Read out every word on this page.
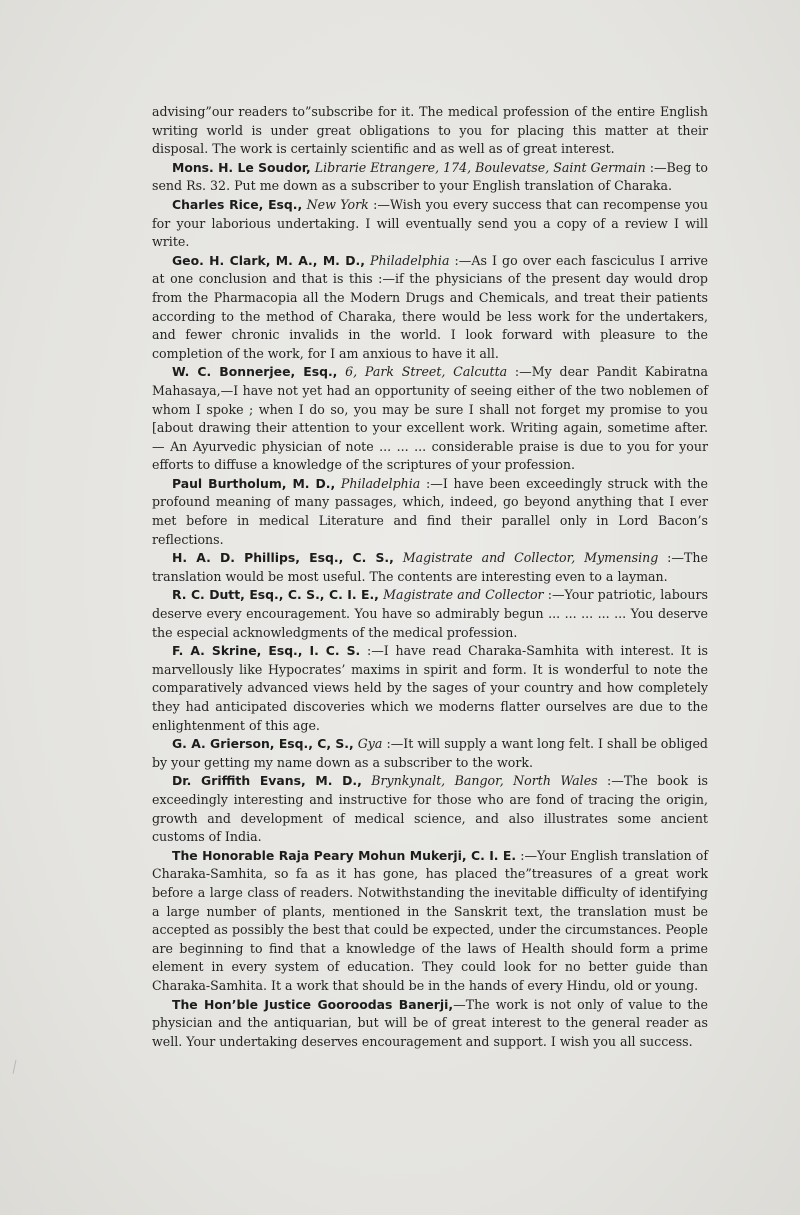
advising”our readers to”subscribe for it. The medical profession of the entire English writing world is under great obligations to you for placing this matter at their disposal. The work is certainly scientific and as well as of great interest.

Mons. H. Le Soudor, Librarie Etrangere, 174, Boulevatse, Saint Germain :—Beg to send Rs. 32. Put me down as a subscriber to your English translation of Charaka.

Charles Rice, Esq., New York :—Wish you every success that can recompense you for your laborious undertaking. I will eventually send you a copy of a review I will write.

Geo. H. Clark, M. A., M. D., Philadelphia :—As I go over each fasciculus I arrive at one conclusion and that is this :—if the physicians of the present day would drop from the Pharmacopia all the Modern Drugs and Chemicals, and treat their patients according to the method of Charaka, there would be less work for the undertakers, and fewer chronic invalids in the world. I look forward with pleasure to the completion of the work, for I am anxious to have it all.

W. C. Bonnerjee, Esq., 6, Park Street, Calcutta :—My dear Pandit Kabiratna Mahasaya,—I have not yet had an opportunity of seeing either of the two noblemen of whom I spoke ; when I do so, you may be sure I shall not forget my promise to you [about drawing their attention to your excellent work. Writing again, sometime after.— An Ayurvedic physician of note ... ... ... considerable praise is due to you for your efforts to diffuse a knowledge of the scriptures of your profession.

Paul Burtholum, M. D., Philadelphia :—I have been exceedingly struck with the profound meaning of many passages, which, indeed, go beyond anything that I ever met before in medical Literature and find their parallel only in Lord Bacon’s reflections.

H. A. D. Phillips, Esq., C. S., Magistrate and Collector, Mymensing :—The translation would be most useful. The contents are interesting even to a layman.

R. C. Dutt, Esq., C. S., C. I. E., Magistrate and Collector :—Your patriotic, labours deserve every encouragement. You have so admirably begun ... ... ... ... ... You deserve the especial acknowledgments of the medical profession.

F. A. Skrine, Esq., I. C. S. :—I have read Charaka-Samhita with interest. It is marvellously like Hypocrates’ maxims in spirit and form. It is wonderful to note the comparatively advanced views held by the sages of your country and how completely they had anticipated discoveries which we moderns flatter ourselves are due to the enlightenment of this age.

G. A. Grierson, Esq., C, S., Gya :—It will supply a want long felt. I shall be obliged by your getting my name down as a subscriber to the work.

Dr. Griffith Evans, M. D., Brynkynalt, Bangor, North Wales :—The book is exceedingly interesting and instructive for those who are fond of tracing the origin, growth and development of medical science, and also illustrates some ancient customs of India.

The Honorable Raja Peary Mohun Mukerji, C. I. E. :—Your English translation of Charaka-Samhita, so fa as it has gone, has placed the”treasures of a great work before a large class of readers. Notwithstanding the inevitable difficulty of identifying a large number of plants, mentioned in the Sanskrit text, the translation must be accepted as possibly the best that could be expected, under the circumstances. People are beginning to find that a knowledge of the laws of Health should form a prime element in every system of education. They could look for no better guide than Charaka-Samhita. It a work that should be in the hands of every Hindu, old or young.

The Hon’ble Justice Gooroodas Banerji,—The work is not only of value to the physician and the antiquarian, but will be of great interest to the general reader as well. Your undertaking deserves encouragement and support. I wish you all success.
